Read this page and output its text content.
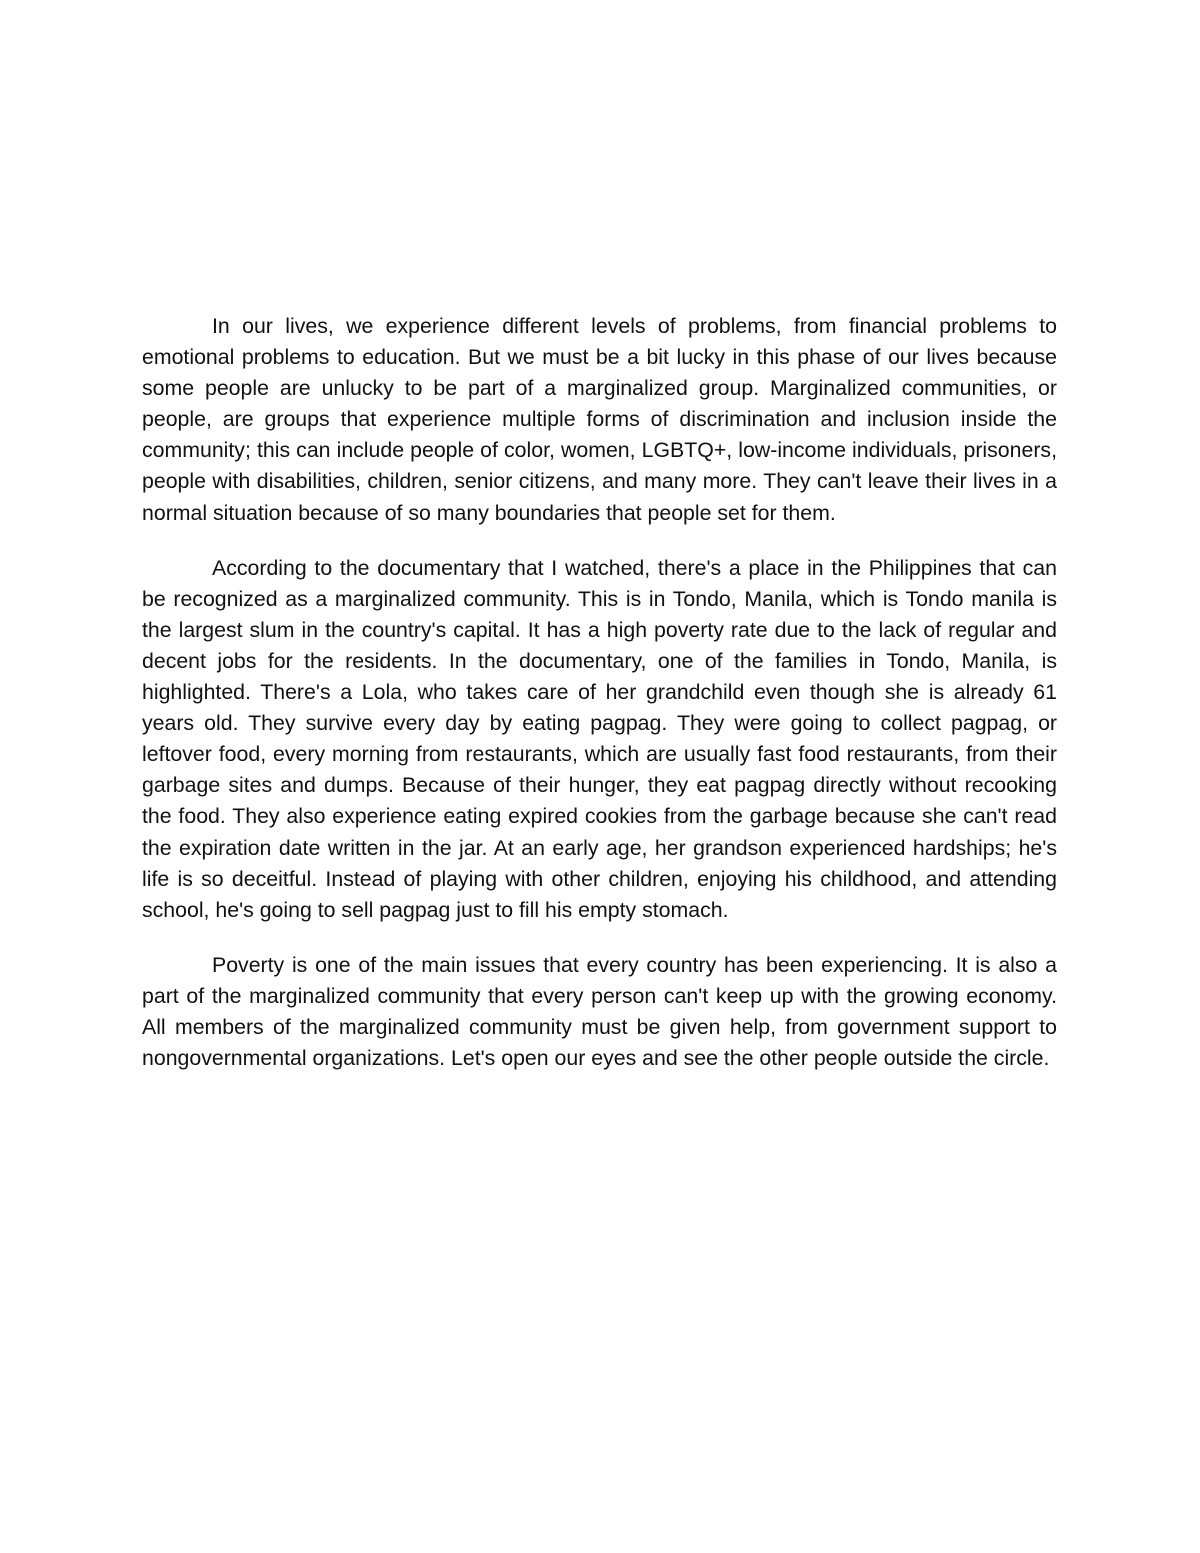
In our lives, we experience different levels of problems, from financial problems to emotional problems to education. But we must be a bit lucky in this phase of our lives because some people are unlucky to be part of a marginalized group. Marginalized communities, or people, are groups that experience multiple forms of discrimination and inclusion inside the community; this can include people of color, women, LGBTQ+, low-income individuals, prisoners, people with disabilities, children, senior citizens, and many more. They can't leave their lives in a normal situation because of so many boundaries that people set for them.

According to the documentary that I watched, there's a place in the Philippines that can be recognized as a marginalized community. This is in Tondo, Manila, which is Tondo manila is the largest slum in the country's capital. It has a high poverty rate due to the lack of regular and decent jobs for the residents. In the documentary, one of the families in Tondo, Manila, is highlighted. There's a Lola, who takes care of her grandchild even though she is already 61 years old. They survive every day by eating pagpag. They were going to collect pagpag, or leftover food, every morning from restaurants, which are usually fast food restaurants, from their garbage sites and dumps. Because of their hunger, they eat pagpag directly without recooking the food. They also experience eating expired cookies from the garbage because she can't read the expiration date written in the jar. At an early age, her grandson experienced hardships; he's life is so deceitful. Instead of playing with other children, enjoying his childhood, and attending school, he's going to sell pagpag just to fill his empty stomach.

Poverty is one of the main issues that every country has been experiencing. It is also a part of the marginalized community that every person can't keep up with the growing economy. All members of the marginalized community must be given help, from government support to nongovernmental organizations. Let's open our eyes and see the other people outside the circle.
